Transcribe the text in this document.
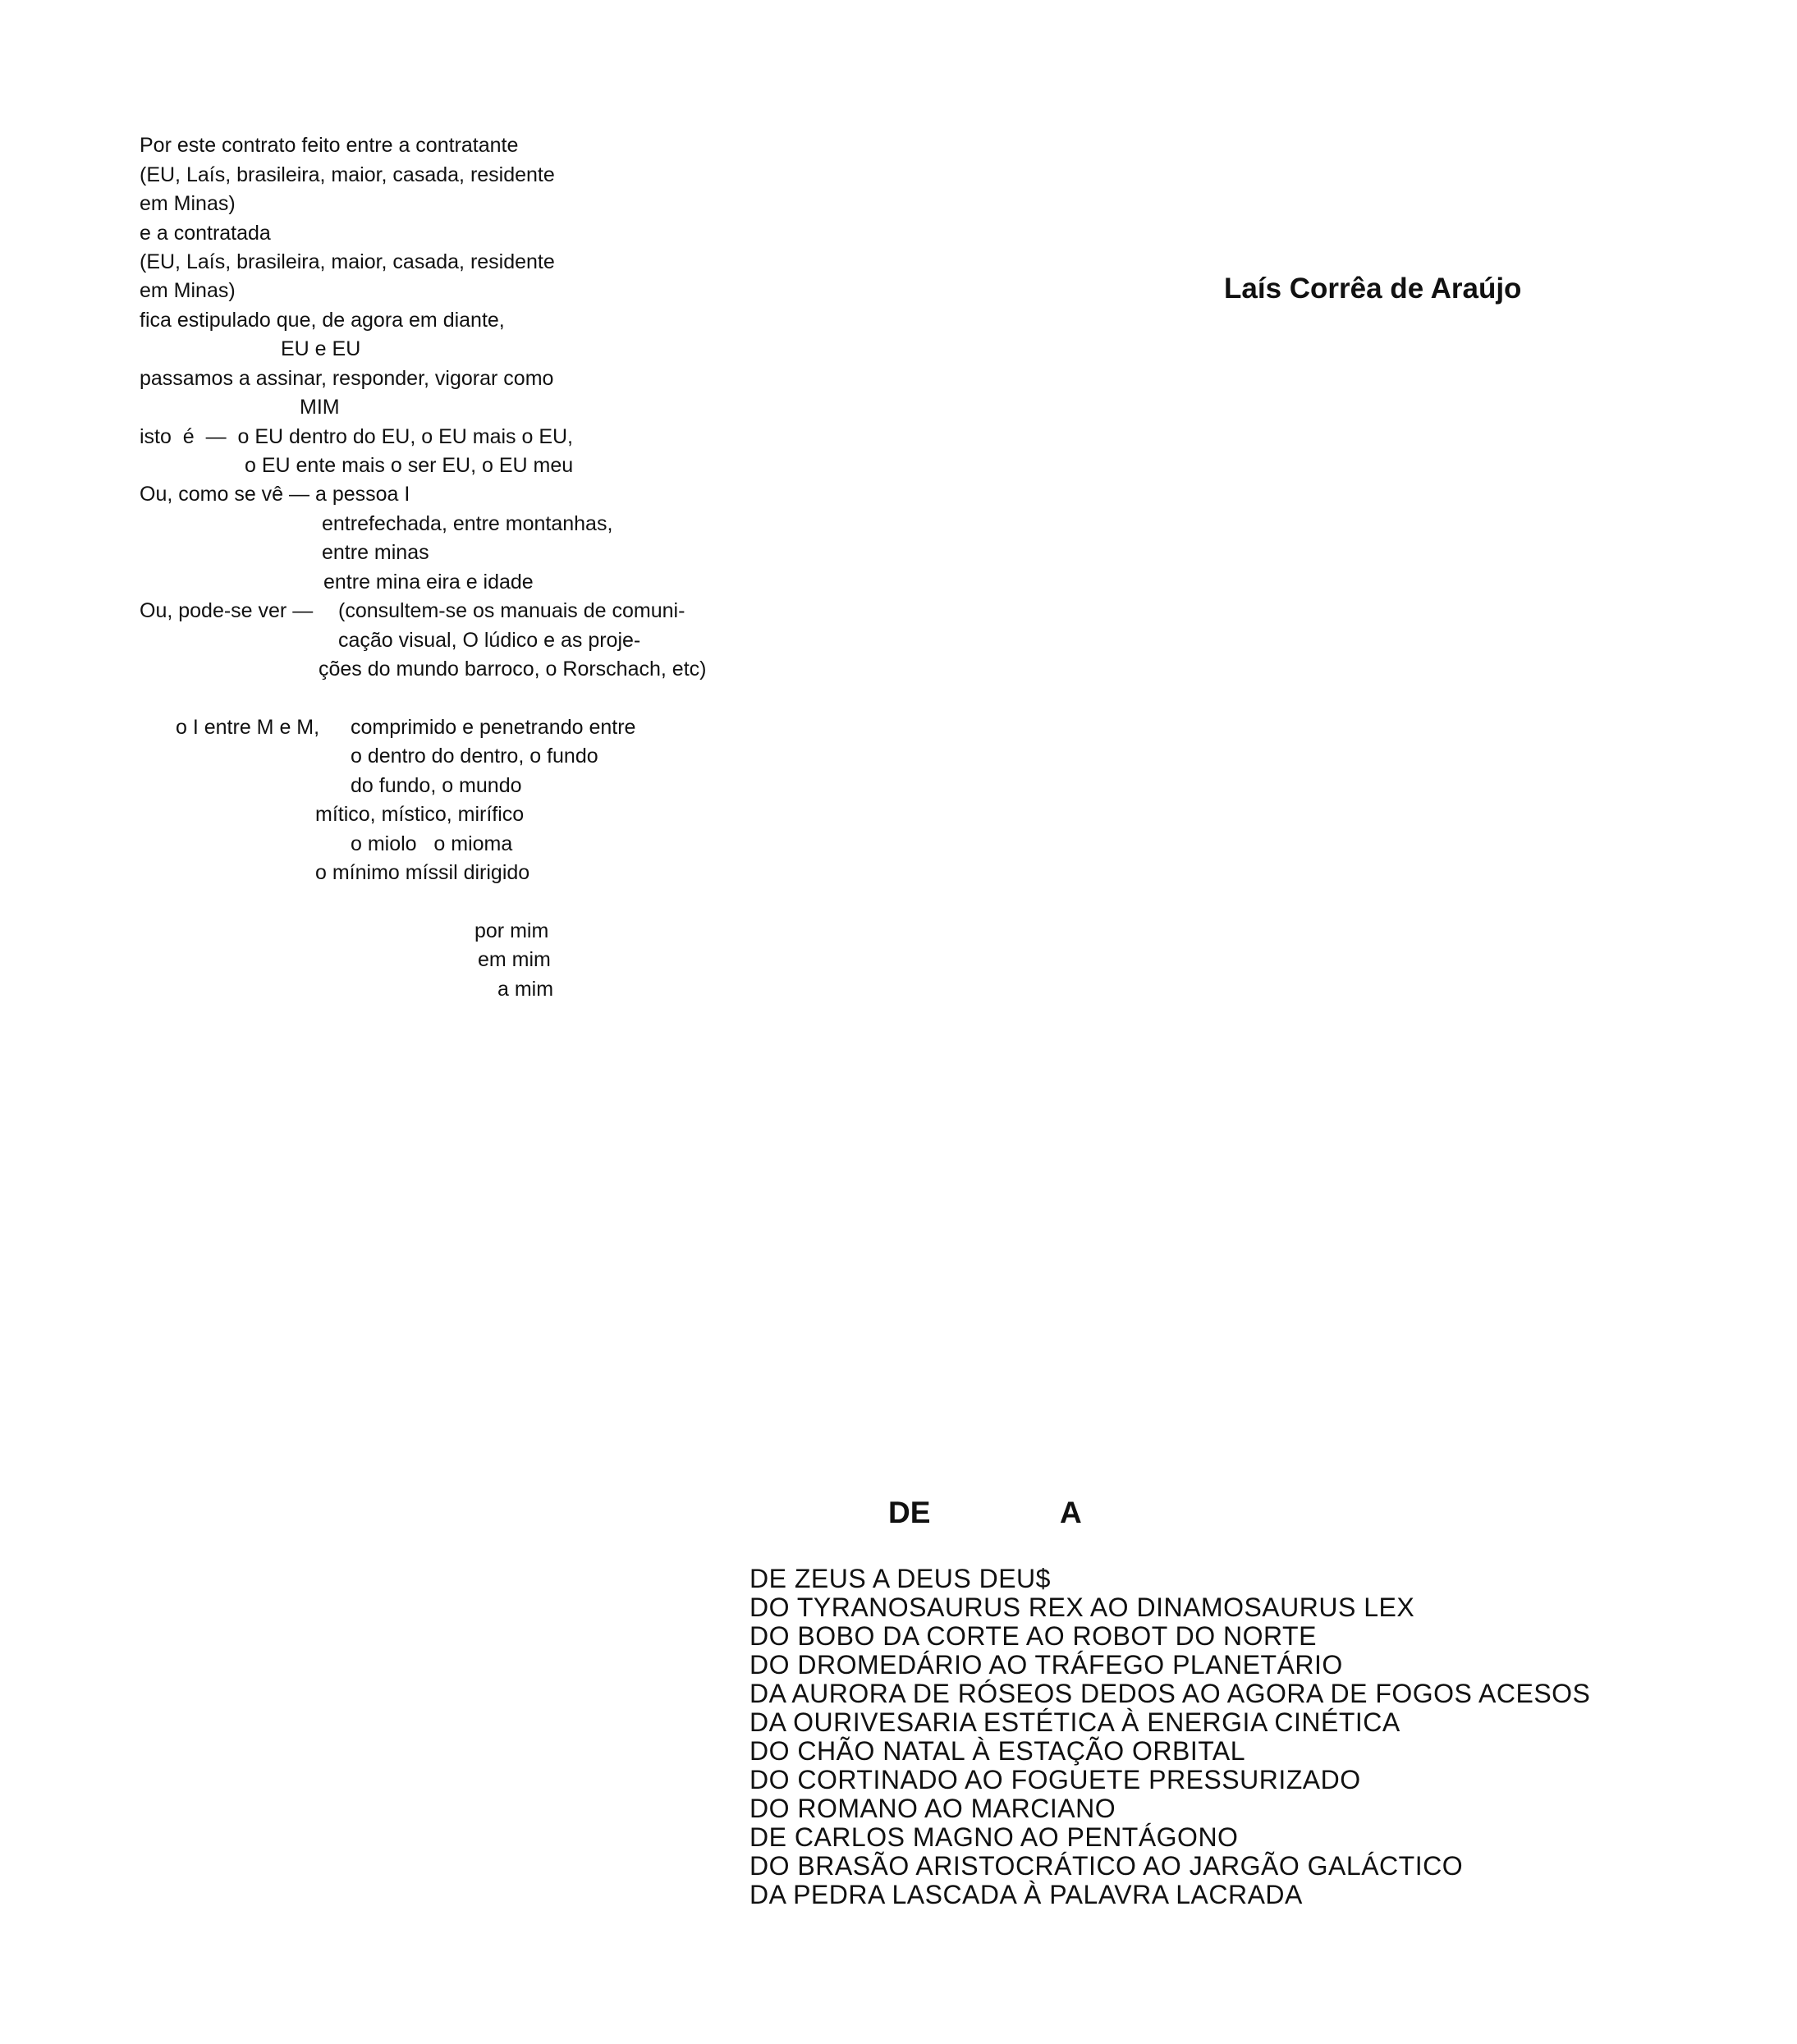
Por este contrato feito entre a contratante
(EU, Laís, brasileira, maior, casada, residente
em Minas)
e a contratada
(EU, Laís, brasileira, maior, casada, residente
em Minas)
fica estipulado que, de agora em diante,
EU e EU
passamos a assinar, responder, vigorar como
MIM
isto  é  —  o EU dentro do EU, o EU mais o EU,
o EU ente mais o ser EU, o EU meu
Ou, como se vê — a pessoa I
entrefechada, entre montanhas,
entre minas
entre mina eira e idade
Ou, pode-se ver — (consultem-se os manuais de comuni-
cação visual, O lúdico e as proje-
ções do mundo barroco, o Rorschach, etc)
o I entre M e M, comprimido e penetrando entre
o dentro do dentro, o fundo
do fundo, o mundo
mítico, místico, mirífico
o miolo   o mioma
o mínimo míssil dirigido
por mim
em mim
a mim
Laís Corrêa de Araújo
DE	A
DE ZEUS A DEUS DEU$
DO TYRANOSAURUS REX AO DINAMOSAURUS LEX
DO BOBO DA CORTE AO ROBOT DO NORTE
DO DROMEDÁRIO AO TRÁFEGO PLANETÁRIO
DA AURORA DE RÓSEOS DEDOS AO AGORA DE FOGOS ACESOS
DA OURIVESARIA ESTÉTICA À ENERGIA CINÉTICA
DO CHÃO NATAL À ESTAÇÃO ORBITAL
DO CORTINADO AO FOGUETE PRESSURIZADO
DO ROMANO AO MARCIANO
DE CARLOS MAGNO AO PENTÁGONO
DO BRASÃO ARISTOCRÁTICO AO JARGÃO GALÁCTICO
DA PEDRA LASCADA À PALAVRA LACRADA
